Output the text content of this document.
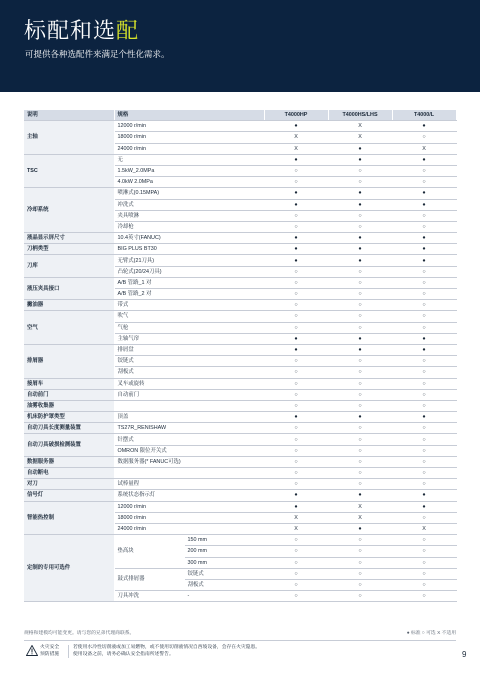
标配和选配
可提供各种选配件来满足个性化需求。
说明	规格		T4000HP	T4000HS/LHS	T4000/L
主轴	12000 r/min		●	X	●
	18000 r/min		X	X	○
	24000 r/min		X	●	X
TSC	无		●	●	●
	1.5kW_2.0MPa		○	○	○
	4.0kW 2.0MPa		○	○	○
冷却系统	喷淋式(0.15MPA)		●	●	●
	冲洗式		●	●	●
	夹具喷淋		○	○	○
	冷却枪		○	○	○
液晶显示屏尺寸	10.4英寸(FANUC)		●	●	●
刀柄类型	BIG PLUS BT30		●	●	●
刀库	无臂式(21刀具)		●	●	●
	凸轮式(20/24刀具)		○	○	○
液压夹具接口	A/B 管路_1 对		○	○	○
	A/B 管路_2 对		○	○	○
撇油器	带式		○	○	○
空气	吹气		○	○	○
	气枪		○	○	○
	主轴气帘		●	●	●
排屑器	排屑盘		●	●	●
	铰链式		○	○	○
	刮板式		○	○	○
接屑车	叉车或旋转		○	○	○
自动前门	自动前门		○	○	○
油雾收集器			○	○	○
机床防护罩类型	顶盖		●	●	●
自动刀具长度测量装置	TS27R_RENISHAW		○	○	○
自动刀具破损检测装置	针摆式		○	○	○
	OMRON 限位开关式		○	○	○
数据服务器	数据服务器(* FANUC可选)		○	○	○
自动断电			○	○	○
对刀	试棒量程		○	○	○
信号灯	系统状态指示灯		●	●	●
智能热控制	12000 r/min		●	X	●
	18000 r/min		X	X	○
	24000 r/min		X	●	X
定制的专用可选件	垫高块	150 mm	○	○	○
		200 mm	○	○	○
		300 mm	○	○	○
	鼓式排屑器	铰链式	○	○	○
		刮板式	○	○	○
	刀具冲洗	-	○	○	○
规格和建模均可能变更。请与您的兄弟代理商联系。	● 标准 ○ 可选 X 不适用
火灾安全
预防措施
若使用水冷性切削液或加工易燃物，或不使用切削液情况自西坡设备，会存在火灾隐患。
使用设备之前，请务必确认安全指南所述警告。	9
